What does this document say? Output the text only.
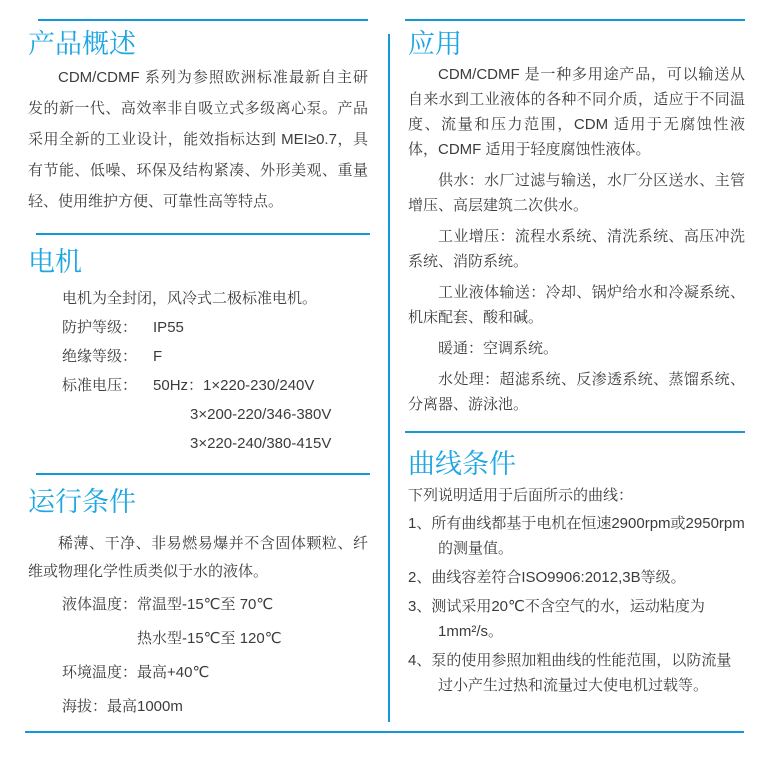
产品概述

CDM/CDMF 系列为参照欧洲标准最新自主研发的新一代、高效率非自吸立式多级离心泵。产品采用全新的工业设计，能效指标达到 MEI≥0.7，具有节能、低噪、环保及结构紧凑、外形美观、重量轻、使用维护方便、可靠性高等特点。

电机
电机为全封闭，风冷式二极标准电机。
防护等级： IP55
绝缘等级： F
标准电压： 50Hz：1×220-230/240V
3×200-220/346-380V
3×220-240/380-415V
运行条件

稀薄、干净、非易燃易爆并不含固体颗粒、纤维或物理化学性质类似于水的液体。

液体温度：常温型-15℃至 70℃
热水型-15℃至 120℃
环境温度：最高+40℃
海拔：最高1000m
应用

CDM/CDMF 是一种多用途产品，可以输送从自来水到工业液体的各种不同介质，适应于不同温度、流量和压力范围，CDM 适用于无腐蚀性液体，CDMF 适用于轻度腐蚀性液体。

供水：水厂过滤与输送，水厂分区送水、主管增压、高层建筑二次供水。

工业增压：流程水系统、清洗系统、高压冲洗系统、消防系统。

工业液体输送：冷却、锅炉给水和冷凝系统、机床配套、酸和碱。

暖通：空调系统。

水处理：超滤系统、反渗透系统、蒸馏系统、分离器、游泳池。

曲线条件
下列说明适用于后面所示的曲线：
1、所有曲线都基于电机在恒速2900rpm或2950rpm的测量值。
2、曲线容差符合ISO9906:2012,3B等级。
3、测试采用20℃不含空气的水，运动粘度为1mm²/s。
4、泵的使用参照加粗曲线的性能范围，以防流量过小产生过热和流量过大使电机过载等。
